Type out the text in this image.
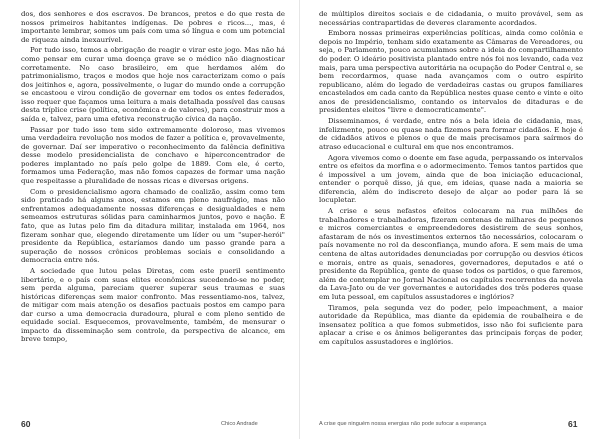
dos, dos senhores e dos escravos. De brancos, pretos e do que resta de nossos primeiros habitantes indígenas. De pobres e ricos..., mas, é importante lembrar, somos um país com uma só língua e com um potencial de riqueza ainda inexaurível.

Por tudo isso, temos a obrigação de reagir e virar este jogo. Mas não há como pensar em curar uma doença grave se o médico não diagnosticar corretamente. No caso brasileiro, em que herdamos além do patrimonialismo, traços e modos que hoje nos caracterizam como o país dos jeitinhos e, agora, possivelmente, o lugar do mundo onde a corrupção se encastoou e virou condição de governar em todos os entes federados, isso requer que façamos uma leitura a mais detalhada possível das causas desta tríplice crise (política, econômica e de valores), para construir mos a saída e, talvez, para uma efetiva reconstrução cívica da nação.

Passar por tudo isso tem sido extremamente doloroso, mas vivemos uma verdadeira revolução nos modos de fazer a política e, provavelmente, de governar. Daí ser imperativo o reconhecimento da falência definitiva desse modelo presidencialista de conchavo e hiperconcentrador de poderes implantado no país pelo golpe de 1889. Com ele, é certo, formamos uma Federação, mas não fomos capazes de formar uma nação que respeitasse a pluralidade de nossas ricas e diversas origens.

Com o presidencialismo agora chamado de coalizão, assim como tem sido praticado há alguns anos, estamos em pleno naufrágio, mas não enfrentamos adequadamente nossas diferenças e desigualdades e nem semeamos estruturas sólidas para caminharmos juntos, povo e nação. É fato, que as lutas pelo fim da ditadura militar, instalada em 1964, nos fizeram sonhar que, elegendo diretamente um líder ou um "super-herói" presidente da República, estaríamos dando um passo grande para a superação de nossos crônicos problemas sociais e consolidando a democracia entre nós.

A sociedade que lutou pelas Diretas, com este pueril sentimento libertário, e o país com suas elites econômicas sucedendo-se no poder, sem perda alguma, pareciam querer superar seus traumas e suas históricas diferenças sem maior confronto. Mas ressentiamo-nos, talvez, de mitigar com mais atenção os desafios pactuais postos em campo para dar curso a uma democracia duradoura, plural e com pleno sentido de equidade social. Esquecemos, provavelmente, também, de mensurar o impacto da disseminação sem controle, da perspectiva de alcance, em breve tempo,

60	Chico Andrade

de múltiplos direitos sociais e de cidadania, o muito provável, sem as necessárias contrapartidas de deveres claramente acordados.

Embora nossas primeiras experiências políticas, ainda como colônia e depois no Império, tenham sido exatamente as Câmaras de Vereadores, ou seja, o Parlamento, pouco acumulamos sobre a ideia do compartilhamento do poder. O ideário positivista plantado entre nós foi nos levando, cada vez mais, para uma perspectiva autoritária na ocupação do Poder Central e, se bem recordarmos, quase nada avançamos com o outro espírito republicano, além do legado de verdadeiras castas ou grupos familiares encastelados em cada canto da República nestes quase cento e vinte e oito anos de presidencialismo, contando os intervalos de ditaduras e de presidentes eleitos "livre e democraticamente".

Disseminamos, é verdade, entre nós a bela ideia de cidadania, mas, infelizmente, pouco ou quase nada fizemos para formar cidadãos. E hoje é de cidadãos ativos e plenos o que de mais precisamos para saírmos do atraso educacional e cultural em que nos encontramos.

Agora vivemos como o doente em fase aguda, perpassando os intervalos entre os efeitos da morfina e o adormecimento. Temos tantos partidos que é impossível a um jovem, ainda que de boa iniciação educacional, entender o porquê disso, já que, em ideias, quase nada a maioria se diferencia, além do indiscreto desejo de alçar ao poder para lá se locupletar.

A crise e seus nefastos efeitos colocaram na rua milhões de trabalhadores e trabalhadoras, fizeram centenas de milhares de pequenos e micros comerciantes e empreendedores desistirem de seus sonhos, afastaram de nós os investimentos externos tão necessários, colocaram o país novamente no rol da desconfiança, mundo afora. E sem mais de uma centena de altas autoridades denunciadas por corrupção ou desvios éticos e morais, entre as quais, senadores, governadores, deputados e até o presidente da República, gente de quase todos os partidos, o que faremos, além de contemplar no Jornal Nacional os capítulos recorrentes da novela da Lava-Jato ou de ver governantes e autoridades dos três poderes quase em luta pessoal, em capítulos assustadores e inglórios?

Tiramos, pela segunda vez do poder, pelo impeachment, a maior autoridade da República, mas diante da epidemia de roubalheira e de insensatez política a que fomos submetidos, isso não foi suficiente para aplacar a crise e os ânimos beligerantes das principais forças de poder, em capítulos assustadores e inglórios.

A crise que ninguém nossa energias não pode sufocar a esperança	61
